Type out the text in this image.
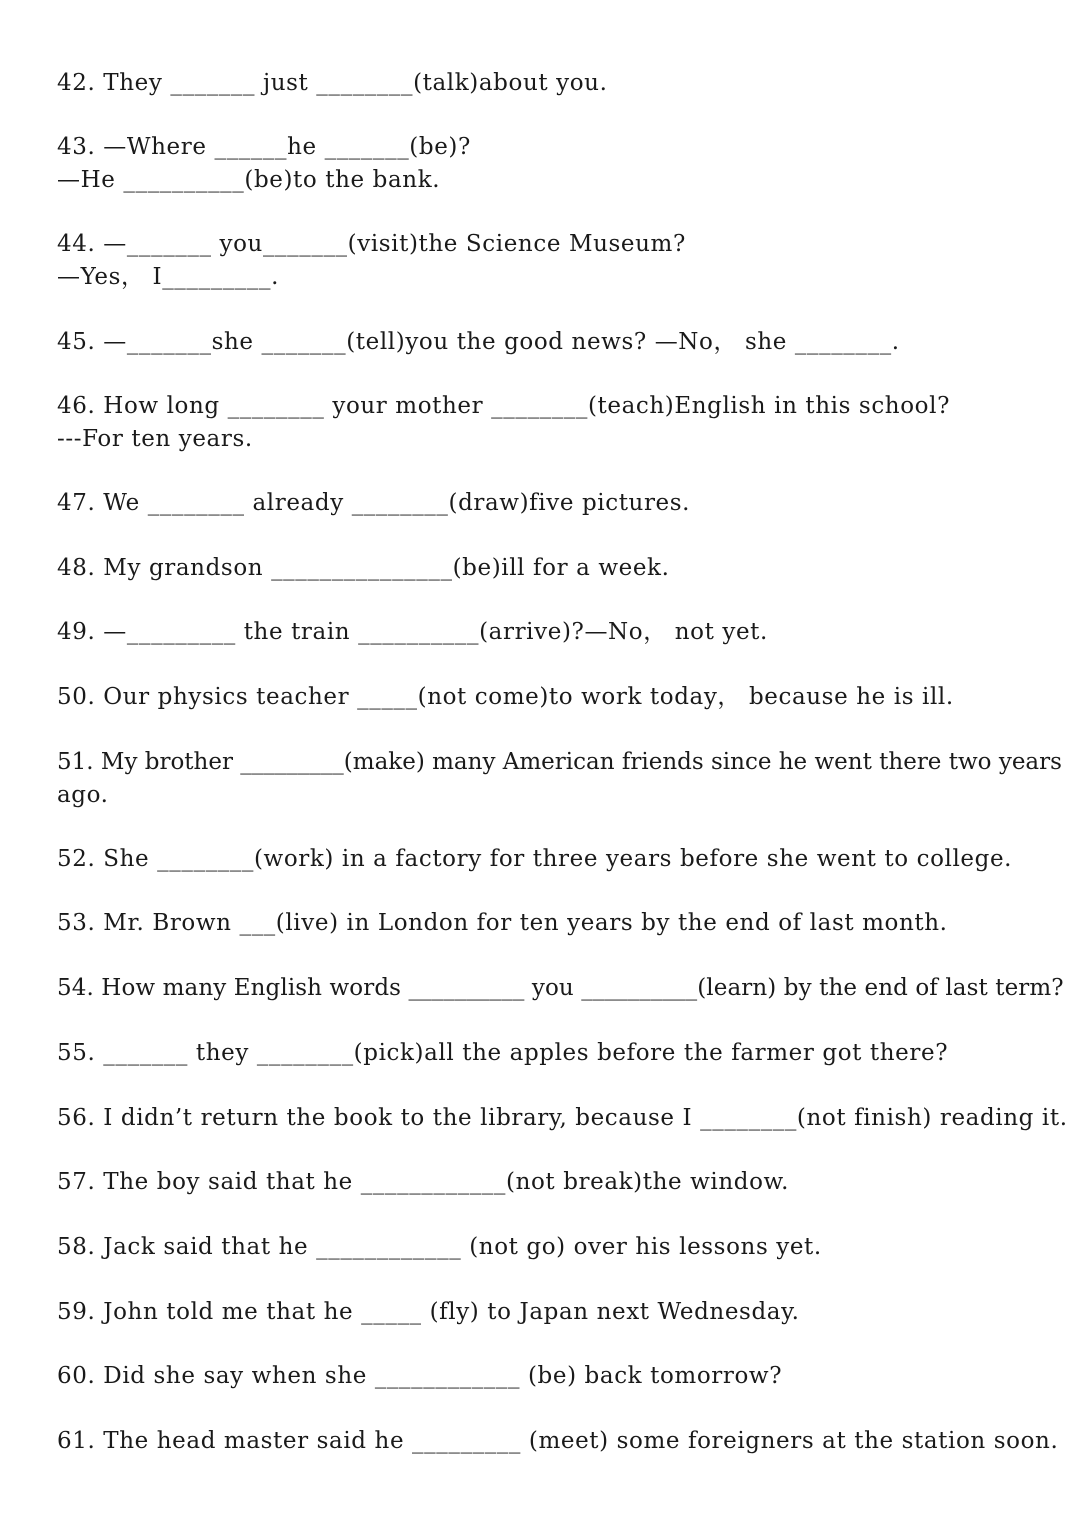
42. They _______ just ________(talk)about you.
43. —Where ______he _______(be)?
—He __________(be)to the bank.
44. —_______ you_______(visit)the Science Museum?
—Yes， I_________.
45. —_______she _______(tell)you the good news? —No， she ________.
46. How long ________ your mother ________(teach)English in this school?
---For ten years.
47. We ________ already ________(draw)five pictures.
48. My grandson _______________(be)ill for a week.
49. —_________ the train __________(arrive)?—No， not yet.
50. Our physics teacher _____(not come)to work today， because he is ill.
51. My brother _________(make) many American friends since he went there two years
ago.
52. She ________(work) in a factory for three years before she went to college.
53. Mr. Brown ___(live) in London for ten years by the end of last month.
54. How many English words __________ you __________(learn) by the end of last term?
55. _______ they ________(pick)all the apples before the farmer got there?
56. I didn’t return the book to the library, because I ________(not finish) reading it.
57. The boy said that he ____________(not break)the window.
58. Jack said that he ____________ (not go) over his lessons yet.
59. John told me that he _____ (fly) to Japan next Wednesday.
60. Did she say when she ____________ (be) back tomorrow?
61. The head master said he _________ (meet) some foreigners at the station soon.
